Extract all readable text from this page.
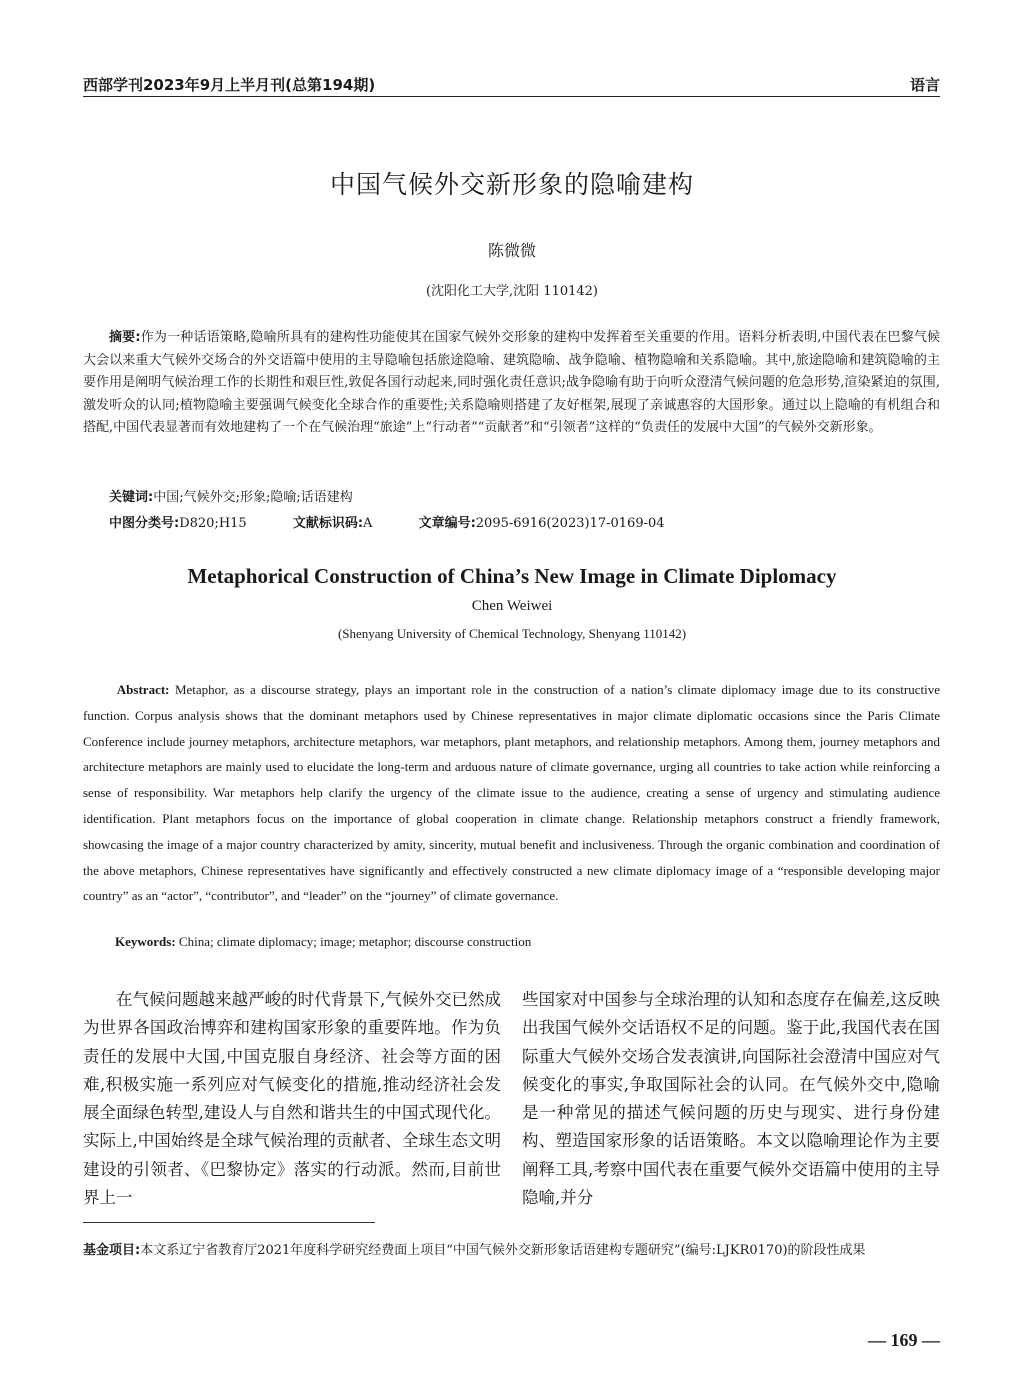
西部学刊2023年9月上半月刊(总第194期)	语言
中国气候外交新形象的隐喻建构
陈微微
(沈阳化工大学,沈阳 110142)
摘要:作为一种话语策略,隐喻所具有的建构性功能使其在国家气候外交形象的建构中发挥着至关重要的作用。语料分析表明,中国代表在巴黎气候大会以来重大气候外交场合的外交语篇中使用的主导隐喻包括旅途隐喻、建筑隐喻、战争隐喻、植物隐喻和关系隐喻。其中,旅途隐喻和建筑隐喻的主要作用是阐明气候治理工作的长期性和艰巨性,敦促各国行动起来,同时强化责任意识;战争隐喻有助于向听众澄清气候问题的危急形势,渲染紧迫的氛围,激发听众的认同;植物隐喻主要强调气候变化全球合作的重要性;关系隐喻则搭建了友好框架,展现了亲诚惠容的大国形象。通过以上隐喻的有机组合和搭配,中国代表显著而有效地建构了一个在气候治理“旅途”上“行动者”“贡献者”和“引领者”这样的“负责任的发展中大国”的气候外交新形象。
关键词:中国;气候外交;形象;隐喻;话语建构
中图分类号:D820;H15	文献标识码:A	文章编号:2095-6916(2023)17-0169-04
Metaphorical Construction of China’s New Image in Climate Diplomacy
Chen Weiwei
(Shenyang University of Chemical Technology, Shenyang 110142)
Abstract: Metaphor, as a discourse strategy, plays an important role in the construction of a nation’s climate diplomacy image due to its constructive function. Corpus analysis shows that the dominant metaphors used by Chinese representatives in major climate diplomatic occasions since the Paris Climate Conference include journey metaphors, architecture metaphors, war metaphors, plant metaphors, and relationship metaphors. Among them, journey metaphors and architecture metaphors are mainly used to elucidate the long-term and arduous nature of climate governance, urging all countries to take action while reinforcing a sense of responsibility. War metaphors help clarify the urgency of the climate issue to the audience, creating a sense of urgency and stimulating audience identification. Plant metaphors focus on the importance of global cooperation in climate change. Relationship metaphors construct a friendly framework, showcasing the image of a major country characterized by amity, sincerity, mutual benefit and inclusiveness. Through the organic combination and coordination of the above metaphors, Chinese representatives have significantly and effectively constructed a new climate diplomacy image of a “responsible developing major country” as an “actor”, “contributor”, and “leader” on the “journey” of climate governance.
Keywords: China; climate diplomacy; image; metaphor; discourse construction
在气候问题越来越严峻的时代背景下,气候外交已然成为世界各国政治博弈和建构国家形象的重要阵地。作为负责任的发展中大国,中国克服自身经济、社会等方面的困难,积极实施一系列应对气候变化的措施,推动经济社会发展全面绿色转型,建设人与自然和谐共生的中国式现代化。实际上,中国始终是全球气候治理的贡献者、全球生态文明建设的引领者、《巴黎协定》落实的行动派。然而,目前世界上一
些国家对中国参与全球治理的认知和态度存在偏差,这反映出我国气候外交话语权不足的问题。鉴于此,我国代表在国际重大气候外交场合发表演讲,向国际社会澄清中国应对气候变化的事实,争取国际社会的认同。在气候外交中,隐喻是一种常见的描述气候问题的历史与现实、进行身份建构、塑造国家形象的话语策略。本文以隐喻理论作为主要阐释工具,考察中国代表在重要气候外交语篇中使用的主导隐喻,并分
基金项目:本文系辽宁省教育厅2021年度科学研究经费面上项目“中国气候外交新形象话语建构专题研究”(编号:LJKR0170)的阶段性成果
— 169 —
